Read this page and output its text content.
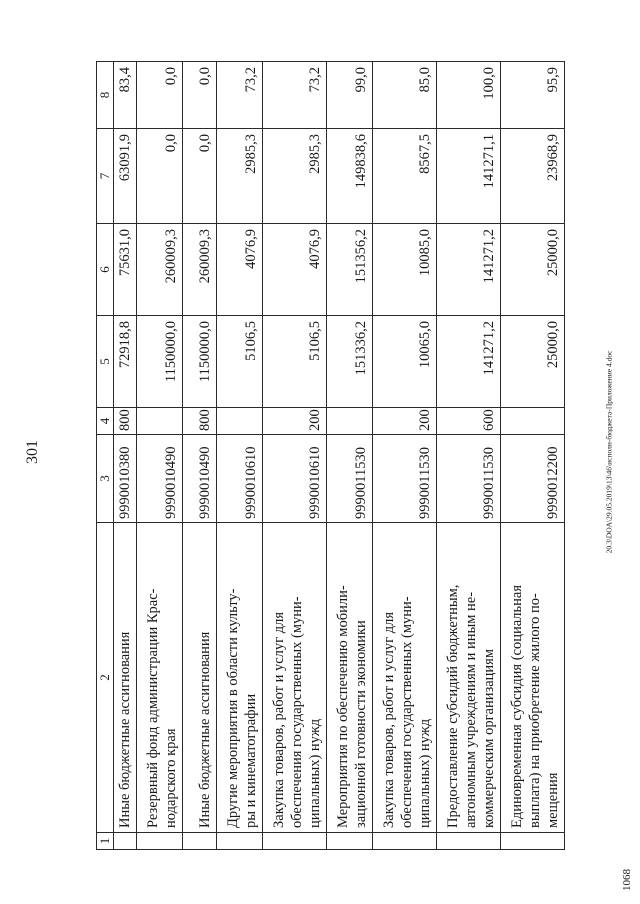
301	20.3\DOA\29.05.2019\13\46\исполн-бюджета-Приложение 4.doc
1068
1	2	3	4	5	6	7	8
	Иные бюджетные ассигнования	9990010380	800	72918,8	75631,0	63091,9	83,4

	Резервный фонд администрации Крас- нодарского края	9990010490		1150000,0	260009,3	0,0	0,0
	Иные бюджетные ассигнования	9990010490	800	1150000,0	260009,3	0,0	0,0

	Другие мероприятия в области культу- ры и кинематографии	9990010610		5106,5	4076,9	2985,3	73,2

	Закупка товаров, работ и услуг для обеспечения государственных (муни- ципальных) нужд	9990010610	200	5106,5	4076,9	2985,3	73,2

	Мероприятия по обеспечению мобили- зационной готовности экономики	9990011530		151336,2	151356,2	149838,6	99,0

	Закупка товаров, работ и услуг для обеспечения государственных (муни- ципальных) нужд	9990011530	200	10065,0	10085,0	8567,5	85,0

	Предоставление субсидий бюджетным, автономным учреждениям и иным не- коммерческим организациям	9990011530	600	141271,2	141271,2	141271,1	100,0

	Единовременная субсидия (социальная выплата) на приобретение жилого по- мещения	9990012200		25000,0	25000,0	23968,9	95,9
